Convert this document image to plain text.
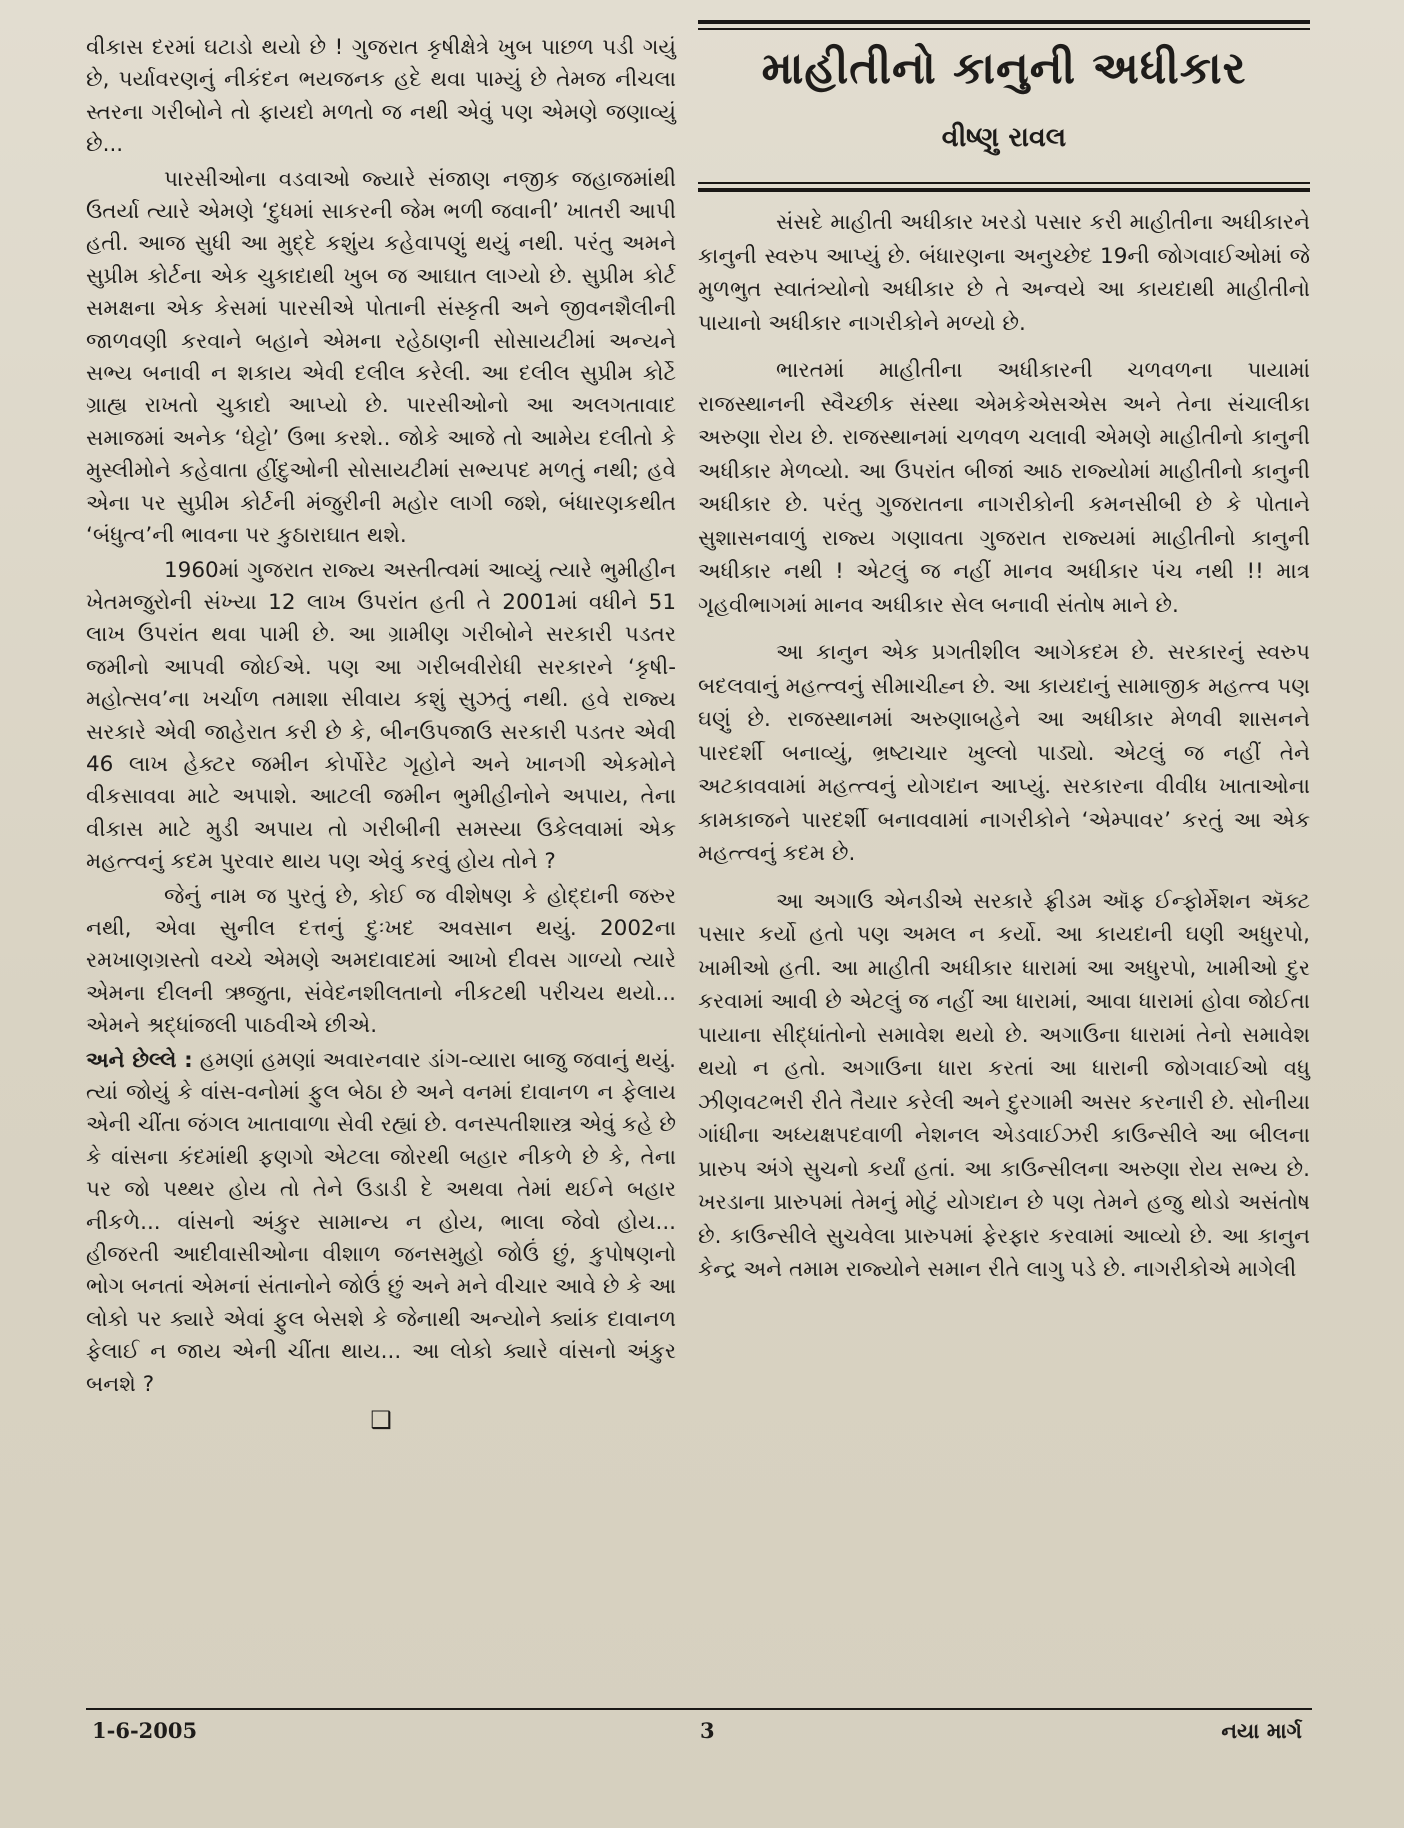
વીકાસ દરમાં ઘટાડો થયો છે ! ગુજરાત કૃષીક્ષેત્રે ખુબ પાછળ પડી ગયું છે, પર્યાવરણનું નીકંદન ભયજનક હદે થવા પામ્યું છે તેમજ નીચલા સ્તરના ગરીબોને તો ફાયદો મળતો જ નથી એવું પણ એમણે જણાવ્યું છે...

પારસીઓના વડવાઓ જ્યારે સંજાણ નજીક જહાજમાંથી ઉતર્યા ત્યારે એમણે ‘દુધમાં સાકરની જેમ ભળી જવાની’ ખાતરી આપી હતી. આજ સુધી આ મુદ્દે કશુંય કહેવાપણું થયું નથી. પરંતુ અમને સુપ્રીમ કોર્ટના એક ચુકાદાથી ખુબ જ આઘાત લાગ્યો છે. સુપ્રીમ કોર્ટ સમક્ષના એક કેસમાં પારસીએ પોતાની સંસ્કૃતી અને જીવનશૈલીની જાળવણી કરવાને બહાને એમના રહેઠાણની સોસાયટીમાં અન્યને સભ્ય બનાવી ન શકાય એવી દલીલ કરેલી. આ દલીલ સુપ્રીમ કોર્ટે ગ્રાહ્ય રાખતો ચુકાદો આપ્યો છે. પારસીઓનો આ અલગતાવાદ સમાજમાં અનેક ‘ઘેટ્ટો’ ઉભા કરશે.. જોકે આજે તો આમેય દલીતો કે મુસ્લીમોને કહેવાતા હીંદુઓની સોસાયટીમાં સભ્યપદ મળતું નથી; હવે એના પર સુપ્રીમ કોર્ટની મંજુરીની મહોર લાગી જશે, બંધારણકથીત ‘બંધુત્વ’ની ભાવના પર કુઠારાઘાત થશે.

1960માં ગુજરાત રાજ્ય અસ્તીત્વમાં આવ્યું ત્યારે ભુમીહીન ખેતમજુરોની સંખ્યા 12 લાખ ઉપરાંત હતી તે 2001માં વધીને 51 લાખ ઉપરાંત થવા પામી છે. આ ગ્રામીણ ગરીબોને સરકારી પડતર જમીનો આપવી જોઈએ. પણ આ ગરીબવીરોધી સરકારને ‘કૃષી-મહોત્સવ’ના ખર્ચાળ તમાશા સીવાય કશું સુઝતું નથી. હવે રાજ્ય સરકારે એવી જાહેરાત કરી છે કે, બીનઉપજાઉ સરકારી પડતર એવી 46 લાખ હેક્ટર જમીન કોર્પોરેટ ગૃહોને અને ખાનગી એકમોને વીકસાવવા માટે અપાશે. આટલી જમીન ભુમીહીનોને અપાય, તેના વીકાસ માટે મુડી અપાય તો ગરીબીની સમસ્યા ઉકેલવામાં એક મહત્ત્વનું કદમ પુરવાર થાય પણ એવું કરવું હોય તોને ?

જેનું નામ જ પુરતું છે, કોઈ જ વીશેષણ કે હોદ્દાની જરુર નથી, એવા સુનીલ દત્તનું દુઃખદ અવસાન થયું. 2002ના રમખાણગ્રસ્તો વચ્ચે એમણે અમદાવાદમાં આખો દીવસ ગાળ્યો ત્યારે એમના દીલની ઋજુતા, સંવેદનશીલતાનો નીકટથી પરીચય થયો... એમને શ્રદ્ધાંજલી પાઠવીએ છીએ.

અને છેલ્લે : હમણાં હમણાં અવારનવાર ડાંગ-વ્યારા બાજુ જવાનું થયું. ત્યાં જોયું કે વાંસ-વનોમાં ફુલ બેઠા છે અને વનમાં દાવાનળ ન ફેલાય એની ચીંતા જંગલ ખાતાવાળા સેવી રહ્યાં છે. વનસ્પતીશાસ્ત્ર એવું કહે છે કે વાંસના કંદમાંથી ફણગો એટલા જોરથી બહાર નીકળે છે કે, તેના પર જો પથ્થર હોય તો તેને ઉડાડી દે અથવા તેમાં થઈને બહાર નીકળે... વાંસનો અંકુર સામાન્ય ન હોય, ભાલા જેવો હોય... હીજરતી આદીવાસીઓના વીશાળ જનસમુહો જોઉં છું, કુપોષણનો ભોગ બનતાં એમનાં સંતાનોને જોઉં છું અને મને વીચાર આવે છે કે આ લોકો પર ક્યારે એવાં ફુલ બેસશે કે જેનાથી અન્યોને ક્યાંક દાવાનળ ફેલાઈ ન જાય એની ચીંતા થાય... આ લોકો ક્યારે વાંસનો અંકુર બનશે ?

❑
માહીતીનો કાનુની અધીકાર
વીષ્ણુ રાવલ

સંસદે માહીતી અધીકાર ખરડો પસાર કરી માહીતીના અધીકારને કાનુની સ્વરુપ આપ્યું છે. બંધારણના અનુચ્છેદ 19ની જોગવાઈઓમાં જે મુળભુત સ્વાતંત્ર્યોનો અધીકાર છે તે અન્વયે આ કાયદાથી માહીતીનો પાયાનો અધીકાર નાગરીકોને મળ્યો છે.

ભારતમાં માહીતીના અધીકારની ચળવળના પાયામાં રાજસ્થાનની સ્વૈચ્છીક સંસ્થા એમકેએસએસ અને તેના સંચાલીકા અરુણા રોય છે. રાજસ્થાનમાં ચળવળ ચલાવી એમણે માહીતીનો કાનુની અધીકાર મેળવ્યો. આ ઉપરાંત બીજાં આઠ રાજ્યોમાં માહીતીનો કાનુની અધીકાર છે. પરંતુ ગુજરાતના નાગરીકોની કમનસીબી છે કે પોતાને સુશાસનવાળું રાજ્ય ગણાવતા ગુજરાત રાજ્યમાં માહીતીનો કાનુની અધીકાર નથી ! એટલું જ નહીં માનવ અધીકાર પંચ નથી !! માત્ર ગૃહવીભાગમાં માનવ અધીકાર સેલ બનાવી સંતોષ માને છે.

આ કાનુન એક પ્રગતીશીલ આગેકદમ છે. સરકારનું સ્વરુપ બદલવાનું મહત્ત્વનું સીમાચીહ્ન છે. આ કાયદાનું સામાજીક મહત્ત્વ પણ ઘણું છે. રાજસ્થાનમાં અરુણાબહેને આ અધીકાર મેળવી શાસનને પારદર્શી બનાવ્યું, ભ્રષ્ટાચાર ખુલ્લો પાડ્યો. એટલું જ નહીં તેને અટકાવવામાં મહત્ત્વનું યોગદાન આપ્યું. સરકારના વીવીધ ખાતાઓના કામકાજને પારદર્શી બનાવવામાં નાગરીકોને ‘એમ્પાવર’ કરતું આ એક મહત્ત્વનું કદમ છે.

આ અગાઉ એનડીએ સરકારે ફ્રીડમ ઑફ ઈન્ફોર્મેશન ઍક્ટ પસાર કર્યો હતો પણ અમલ ન કર્યો. આ કાયદાની ઘણી અધુરપો, ખામીઓ હતી. આ માહીતી અધીકાર ધારામાં આ અધુરપો, ખામીઓ દુર કરવામાં આવી છે એટલું જ નહીં આ ધારામાં, આવા ધારામાં હોવા જોઈતા પાયાના સીદ્ધાંતોનો સમાવેશ થયો છે. અગાઉના ધારામાં તેનો સમાવેશ થયો ન હતો. અગાઉના ધારા કરતાં આ ધારાની જોગવાઈઓ વધુ ઝીણવટભરી રીતે તૈયાર કરેલી અને દુરગામી અસર કરનારી છે. સોનીયા ગાંધીના અધ્યક્ષપદવાળી નેશનલ એડવાઈઝરી કાઉન્સીલે આ બીલના પ્રારુપ અંગે સુચનો કર્યાં હતાં. આ કાઉન્સીલના અરુણા રોય સભ્ય છે. ખરડાના પ્રારુપમાં તેમનું મોટું યોગદાન છે પણ તેમને હજુ થોડો અસંતોષ છે. કાઉન્સીલે સુચવેલા પ્રારુપમાં ફેરફાર કરવામાં આવ્યો છે. આ કાનુન કેન્દ્ર અને તમામ રાજ્યોને સમાન રીતે લાગુ પડે છે. નાગરીકોએ માગેલી

1-6-2005	3	નયા માર્ગ
